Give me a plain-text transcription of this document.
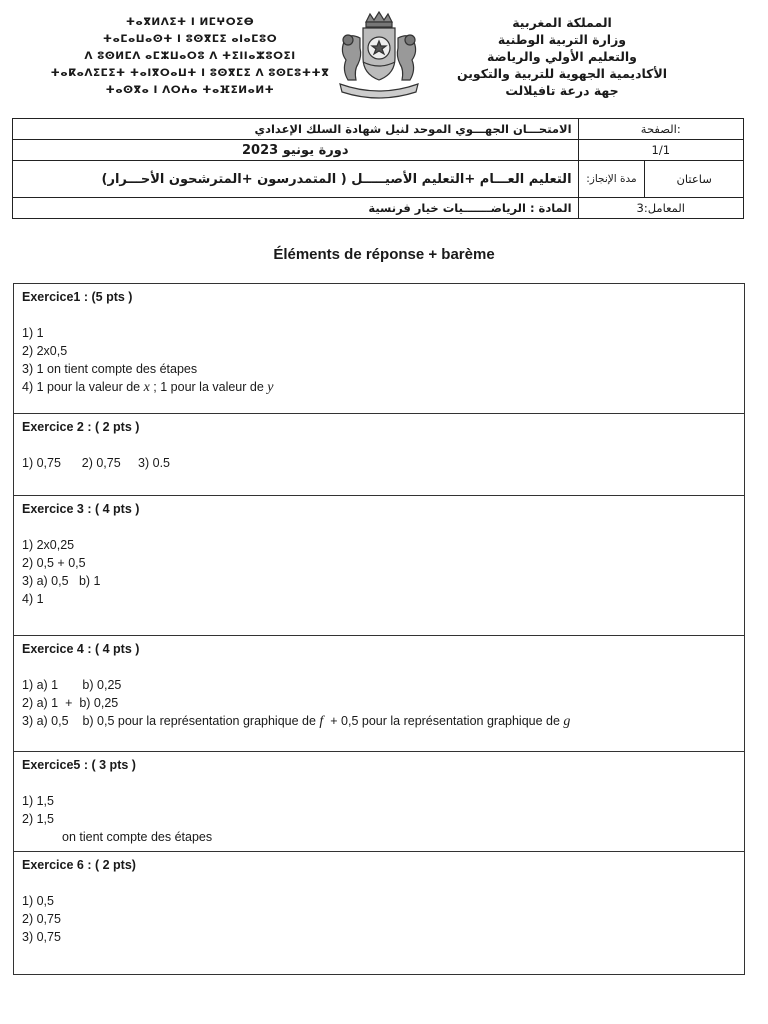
ⵜⴰⴳⵍⴷⵉⵜ ⵏ ⵍⵎⵖⵔⵉⴱ
ⵜⴰⵎⴰⵡⴰⵙⵜ ⵏ ⵓⵙⴳⵎⵉ ⴰⵏⴰⵎⵓⵔ
ⴷ ⵓⵙⵍⵎⴷ ⴰⵎⵣⵡⴰⵔⵓ ⴷ ⵜⵉⵏⵏⴰⵣⵓⵔⵉⵏ
ⵜⴰⴽⴰⴷⵉⵎⵉⵜ ⵜⴰⵏⴳⵔⴰⵡⵜ ⵏ ⵓⵙⴳⵎⵉ ⴷ ⵓⵙⵎⵓⵜⵜⴳ
ⵜⴰⵙⴳⴰ ⵏ ⴷⵔⵄⴰ ⵜⴰⴼⵉⵍⴰⵍⵜ
المملكة المغربية
وزارة التربية الوطنية
والتعليم الأولي والرياضة
الأكاديمية الجهوية للتربية والتكوين
جهة درعة تافيلالت
الامتحـــان الجهـــوي الموحد لنيل شهادة السلك الإعدادي	الصفحة:	
دورة يونيو 2023	1/1	
التعليم العـــام +التعليم الأصيـــــل ( المتمدرسون +المترشحون الأحـــرار)	مدة الإنجاز:	ساعتان
المادة : الرياضـــــــيات خيار فرنسية	المعامل:3	
Éléments de réponse + barème
Exercice1 : (5 pts )
1) 1
2) 2x0,5
3) 1 on tient compte des étapes
4) 1 pour la valeur de x ; 1 pour la valeur de y
Exercice 2 : ( 2 pts )
1) 0,75      2) 0,75     3) 0.5
Exercice 3 : ( 4 pts )
1) 2x0,25
2) 0,5 + 0,5
3) a) 0,5   b) 1
4) 1
Exercice 4 : ( 4 pts )
1) a) 1       b) 0,25
2) a) 1  +  b) 0,25
3) a) 0,5    b) 0,5 pour la représentation graphique de f  + 0,5 pour la représentation graphique de g
Exercice5 : ( 3 pts )
1) 1,5
2) 1,5
on tient compte des étapes
Exercice 6 : ( 2 pts)
1) 0,5
2) 0,75
3) 0,75
